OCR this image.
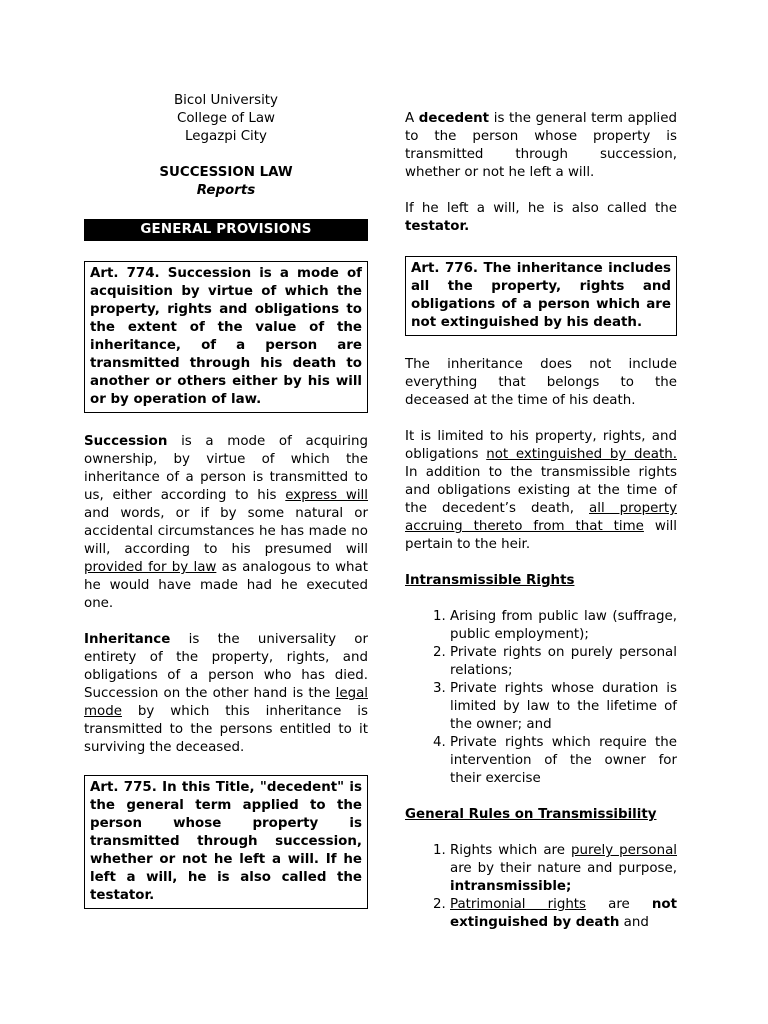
Bicol University
College of Law
Legazpi City
SUCCESSION LAW
Reports
GENERAL PROVISIONS
Art. 774. Succession is a mode of acquisition by virtue of which the property, rights and obligations to the extent of the value of the inheritance, of a person are transmitted through his death to another or others either by his will or by operation of law.

Succession is a mode of acquiring ownership, by virtue of which the inheritance of a person is transmitted to us, either according to his express will and words, or if by some natural or accidental circumstances he has made no will, according to his presumed will provided for by law as analogous to what he would have made had he executed one.

Inheritance is the universality or entirety of the property, rights, and obligations of a person who has died. Succession on the other hand is the legal mode by which this inheritance is transmitted to the persons entitled to it surviving the deceased.

Art. 775. In this Title, "decedent" is the general term applied to the person whose property is transmitted through succession, whether or not he left a will. If he left a will, he is also called the testator.

A decedent is the general term applied to the person whose property is transmitted through succession, whether or not he left a will.

If he left a will, he is also called the testator.

Art. 776. The inheritance includes all the property, rights and obligations of a person which are not extinguished by his death.

The inheritance does not include everything that belongs to the deceased at the time of his death.

It is limited to his property, rights, and obligations not extinguished by death. In addition to the transmissible rights and obligations existing at the time of the decedent’s death, all property accruing thereto from that time will pertain to the heir.

Intransmissible Rights
1. Arising from public law (suffrage, public employment);
2. Private rights on purely personal relations;
3. Private rights whose duration is limited by law to the lifetime of the owner; and
4. Private rights which require the intervention of the owner for their exercise
General Rules on Transmissibility
1. Rights which are purely personal are by their nature and purpose, intransmissible;
2. Patrimonial rights are not extinguished by death and
